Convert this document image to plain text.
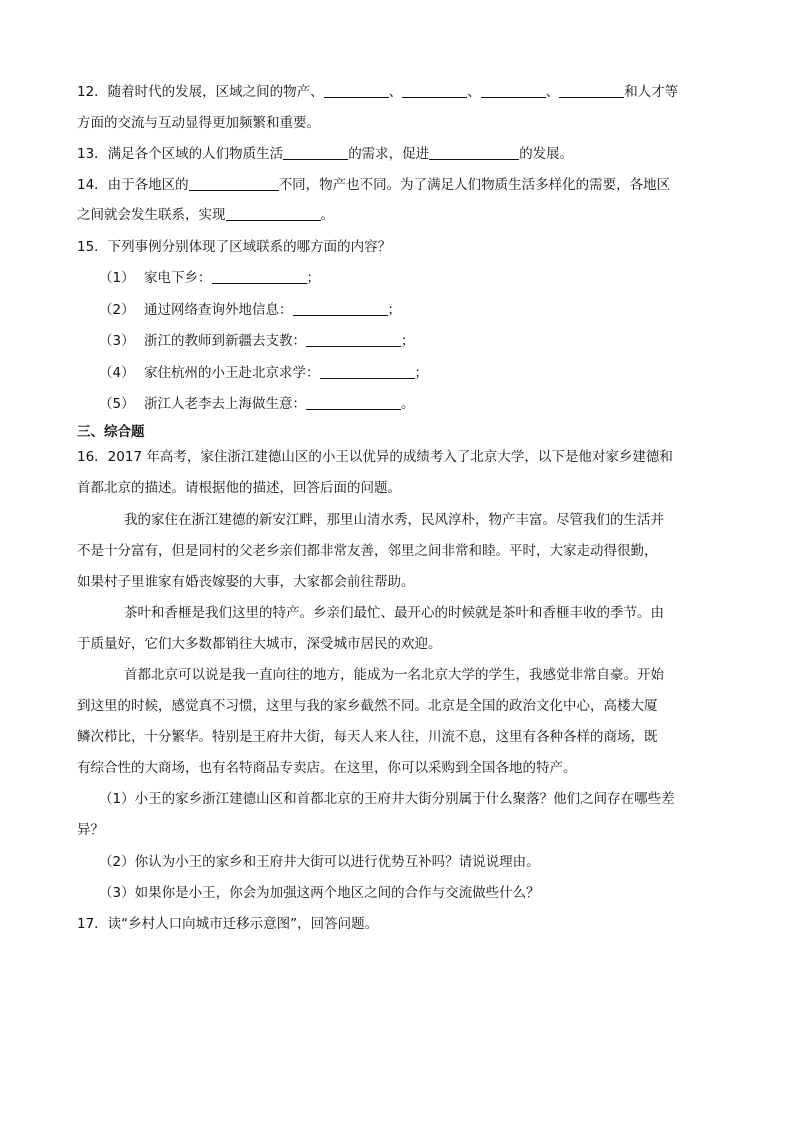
12．随着时代的发展，区域之间的物产、	、	、	、	和人才等
方面的交流与互动显得更加频繁和重要。
13．满足各个区域的人们物质生活	的需求，促进	的发展。
14．由于各地区的	不同，物产也不同。为了满足人们物质生活多样化的需要，各地区
之间就会发生联系，实现	。
15．下列事例分别体现了区域联系的哪方面的内容？
（1） 家电下乡：	；
（2） 通过网络查询外地信息：	；
（3） 浙江的教师到新疆去支教：	；
（4） 家住杭州的小王赴北京求学：	；
（5） 浙江人老李去上海做生意：	。
三、综合题
16．2017 年高考，家住浙江建德山区的小王以优异的成绩考入了北京大学，以下是他对家乡建德和
首都北京的描述。请根据他的描述，回答后面的问题。
我的家住在浙江建德的新安江畔，那里山清水秀，民风淳朴，物产丰富。尽管我们的生活并
不是十分富有，但是同村的父老乡亲们都非常友善，邻里之间非常和睦。平时，大家走动得很勤，
如果村子里谁家有婚丧嫁娶的大事，大家都会前往帮助。
茶叶和香榧是我们这里的特产。乡亲们最忙、最开心的时候就是茶叶和香榧丰收的季节。由
于质量好，它们大多数都销往大城市，深受城市居民的欢迎。
首都北京可以说是我一直向往的地方，能成为一名北京大学的学生，我感觉非常自豪。开始
到这里的时候，感觉真不习惯，这里与我的家乡截然不同。北京是全国的政治文化中心，高楼大厦
鳞次栉比，十分繁华。特别是王府井大街，每天人来人往，川流不息，这里有各种各样的商场，既
有综合性的大商场，也有名特商品专卖店。在这里，你可以采购到全国各地的特产。
（1）小王的家乡浙江建德山区和首都北京的王府井大街分别属于什么聚落？他们之间存在哪些差
异？
（2）你认为小王的家乡和王府井大街可以进行优势互补吗？请说说理由。
（3）如果你是小王，你会为加强这两个地区之间的合作与交流做些什么？
17．读“乡村人口向城市迁移示意图”，回答问题。
